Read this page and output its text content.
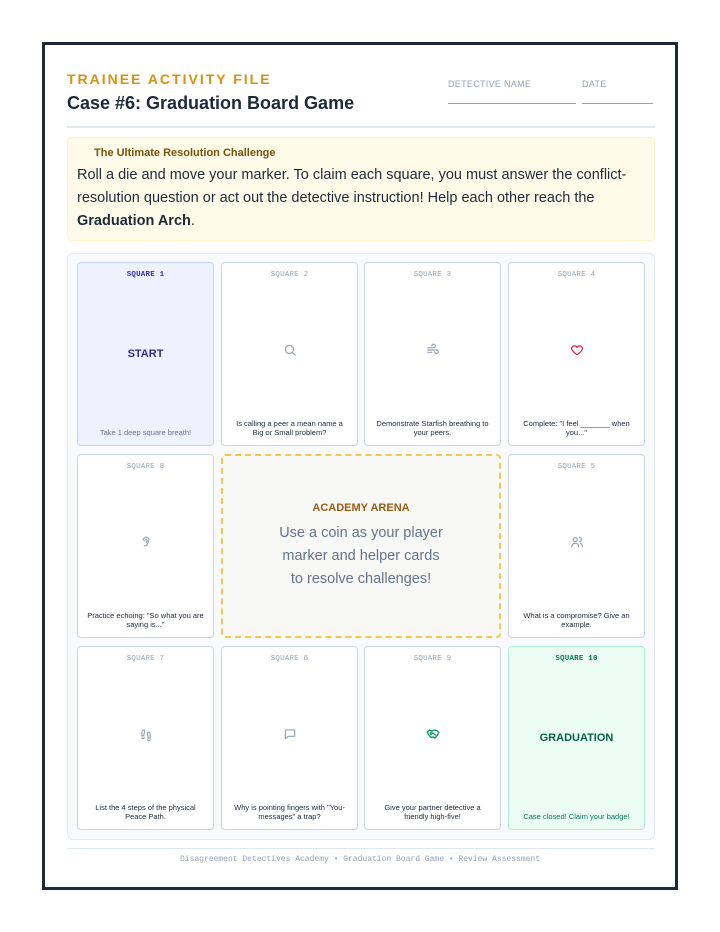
TRAINEE ACTIVITY FILE
Case #6: Graduation Board Game
DETECTIVE NAME	DATE
The Ultimate Resolution Challenge
Roll a die and move your marker. To claim each square, you must answer the conflict-resolution question or act out the detective instruction! Help each other reach the Graduation Arch.
SQUARE 1
START
Take 1 deep square breath!
SQUARE 2
Is calling a peer a mean name a Big or Small problem?
SQUARE 3
Demonstrate Starfish breathing to your peers.
SQUARE 4
Complete: "I feel _______ when you..."
SQUARE 8
Practice echoing: "So what you are saying is..."
ACADEMY ARENA
Use a coin as your player
marker and helper cards
to resolve challenges!
SQUARE 5
What is a compromise? Give an example.
SQUARE 7
List the 4 steps of the physical Peace Path.
SQUARE 6
Why is pointing fingers with "You-messages" a trap?
SQUARE 9
Give your partner detective a friendly high-five!
SQUARE 10
GRADUATION
Case closed! Claim your badge!
Disagreement Detectives Academy • Graduation Board Game • Review Assessment
